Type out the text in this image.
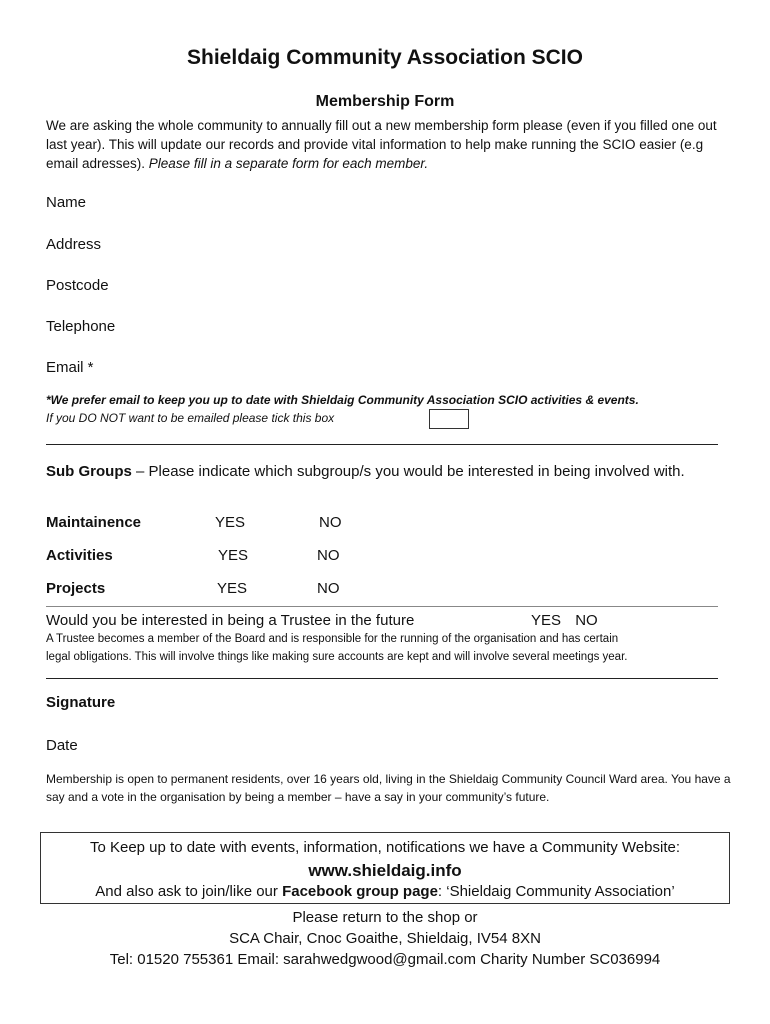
Shieldaig Community Association SCIO
Membership Form
We are asking the whole community to annually fill out a new membership form please (even if you filled one out last year). This will update our records and provide vital information to help make running the SCIO easier (e.g email adresses). Please fill in a separate form for each member.
Name
Address
Postcode
Telephone
Email *
*We prefer email to keep you up to date with Shieldaig Community Association SCIO activities & events.
If you DO NOT want to be emailed please tick this box
Sub Groups – Please indicate which subgroup/s you would be interested in being involved with.
Maintainence	YES	NO
Activities	YES	NO
Projects	YES	NO
Would you be interested in being a Trustee in the future	YES NO
A Trustee becomes a member of the Board and is responsible for the running of the organisation and has certain
legal obligations. This will involve things like making sure accounts are kept and will involve several meetings year.
Signature
Date
Membership is open to permanent residents, over 16 years old, living in the Shieldaig Community Council Ward area. You have a say and a vote in the organisation by being a member – have a say in your community’s future.
To Keep up to date with events, information, notifications we have a Community Website:
www.shieldaig.info
And also ask to join/like our Facebook group page: ‘Shieldaig Community Association’
Please return to the shop or
SCA Chair, Cnoc Goaithe, Shieldaig, IV54 8XN
Tel: 01520 755361 Email: sarahwedgwood@gmail.com Charity Number SC036994
